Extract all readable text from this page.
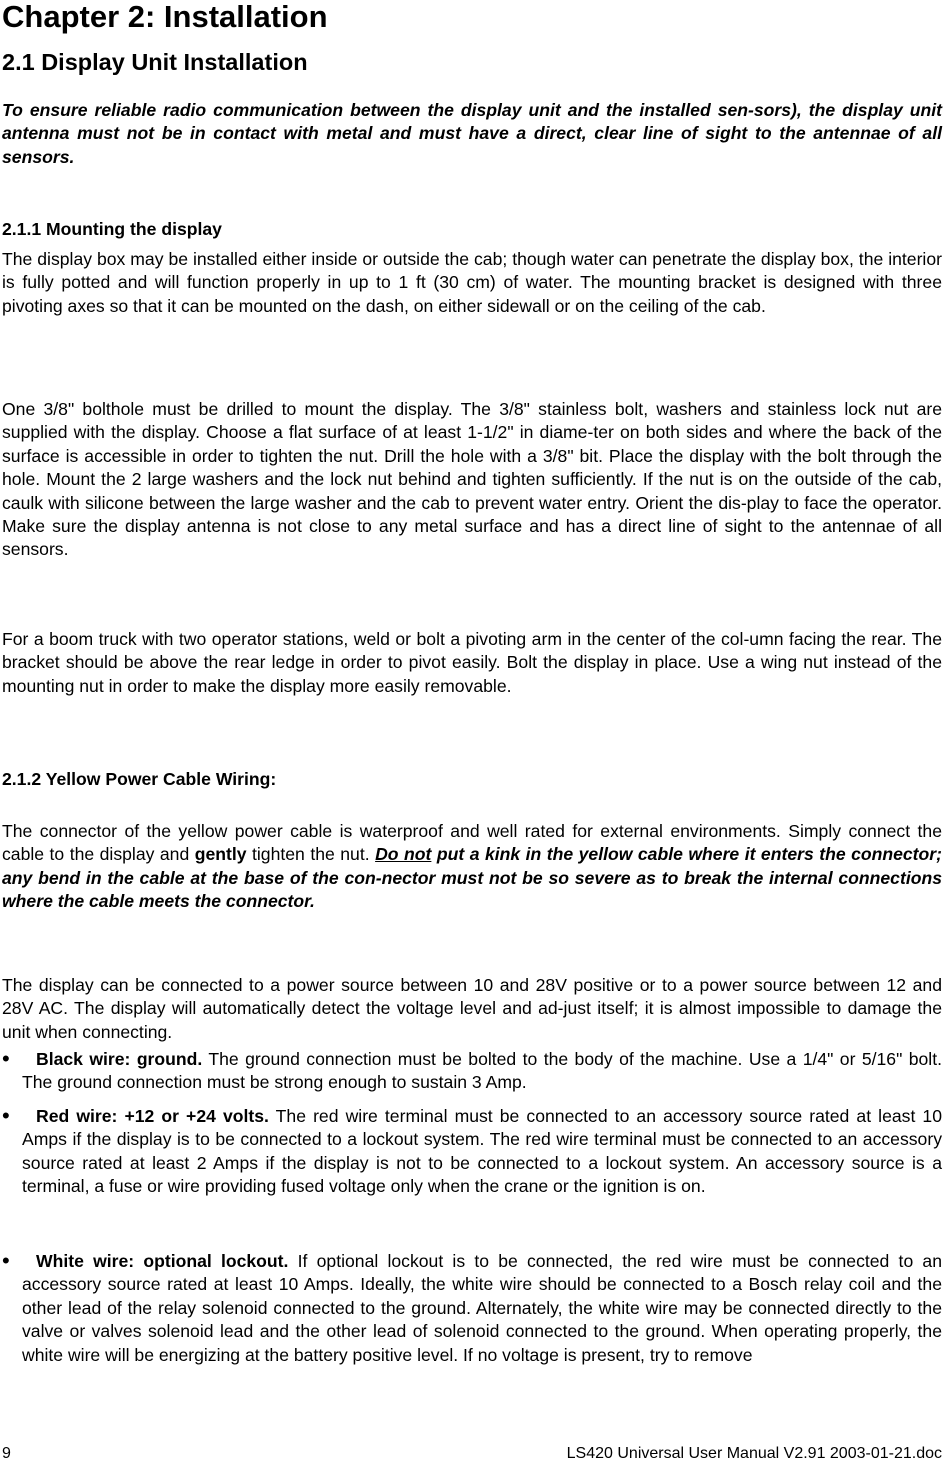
Chapter 2: Installation
2.1 Display Unit Installation

To ensure reliable radio communication between the display unit and the installed sen-sors), the display unit antenna must not be in contact with metal and must have a direct, clear line of sight to the antennae of all sensors.

2.1.1 Mounting the display

The display box may be installed either inside or outside the cab; though water can penetrate the display box, the interior is fully potted and will function properly in up to 1 ft (30 cm) of water. The mounting bracket is designed with three pivoting axes so that it can be mounted on the dash, on either sidewall or on the ceiling of the cab.

One 3/8" bolthole must be drilled to mount the display. The 3/8" stainless bolt, washers and stainless lock nut are supplied with the display. Choose a flat surface of at least 1-1/2" in diame-ter on both sides and where the back of the surface is accessible in order to tighten the nut. Drill the hole with a 3/8" bit. Place the display with the bolt through the hole. Mount the 2 large washers and the lock nut behind and tighten sufficiently. If the nut is on the outside of the cab, caulk with silicone between the large washer and the cab to prevent water entry. Orient the dis-play to face the operator. Make sure the display antenna is not close to any metal surface and has a direct line of sight to the antennae of all sensors.

For a boom truck with two operator stations, weld or bolt a pivoting arm in the center of the col-umn facing the rear. The bracket should be above the rear ledge in order to pivot easily. Bolt the display in place. Use a wing nut instead of the mounting nut in order to make the display more easily removable.

2.1.2 Yellow Power Cable Wiring:

The connector of the yellow power cable is waterproof and well rated for external environments. Simply connect the cable to the display and gently tighten the nut. Do not put a kink in the yellow cable where it enters the connector; any bend in the cable at the base of the con-nector must not be so severe as to break the internal connections where the cable meets the connector.

The display can be connected to a power source between 10 and 28V positive or to a power source between 12 and 28V AC. The display will automatically detect the voltage level and ad-just itself; it is almost impossible to damage the unit when connecting.

•	Black wire: ground. The ground connection must be bolted to the body of the machine. Use a 1/4" or 5/16" bolt. The ground connection must be strong enough to sustain 3 Amp.
•	Red wire: +12 or +24 volts. The red wire terminal must be connected to an accessory source rated at least 10 Amps if the display is to be connected to a lockout system. The red wire terminal must be connected to an accessory source rated at least 2 Amps if the display is not to be connected to a lockout system. An accessory source is a terminal, a fuse or wire providing fused voltage only when the crane or the ignition is on.
•	White wire: optional lockout. If optional lockout is to be connected, the red wire must be connected to an accessory source rated at least 10 Amps. Ideally, the white wire should be connected to a Bosch relay coil and the other lead of the relay solenoid connected to the ground. Alternately, the white wire may be connected directly to the valve or valves solenoid lead and the other lead of solenoid connected to the ground. When operating properly, the white wire will be energizing at the battery positive level. If no voltage is present, try to remove
9	LS420 Universal User Manual V2.91 2003-01-21.doc
